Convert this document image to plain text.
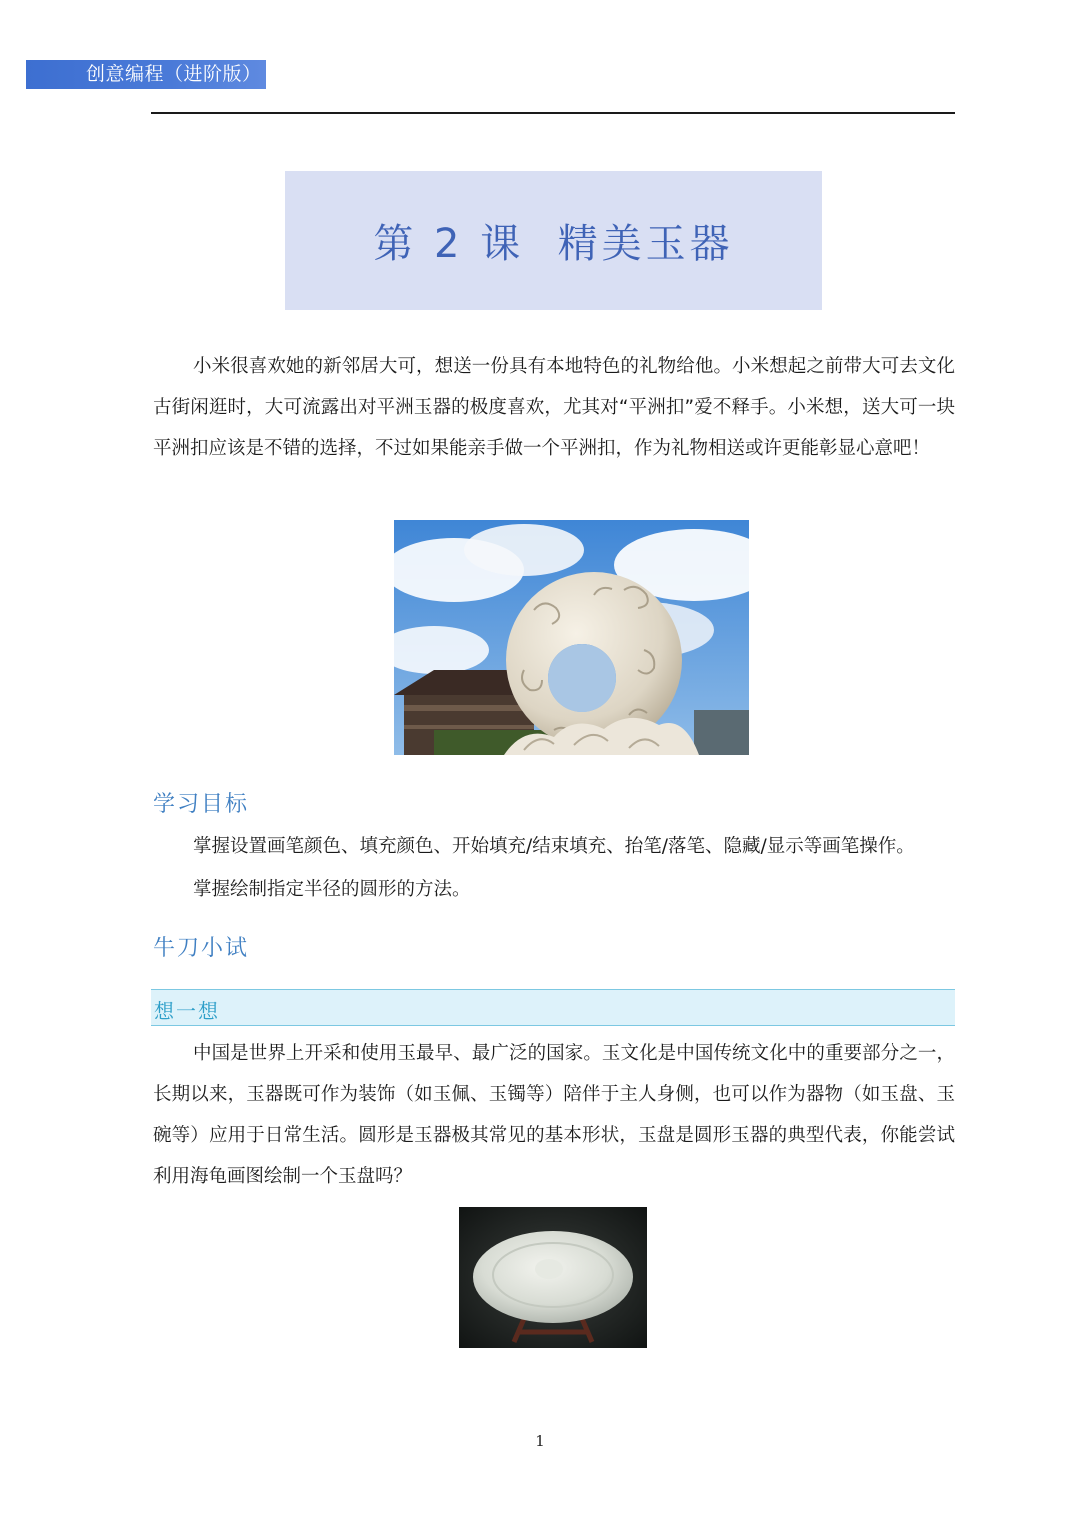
创意编程（进阶版）
第 2 课  精美玉器

小米很喜欢她的新邻居大可，想送一份具有本地特色的礼物给他。小米想起之前带大可去文化古街闲逛时，大可流露出对平洲玉器的极度喜欢，尤其对“平洲扣”爱不释手。小米想，送大可一块平洲扣应该是不错的选择，不过如果能亲手做一个平洲扣，作为礼物相送或许更能彰显心意吧！

学习目标
掌握设置画笔颜色、填充颜色、开始填充/结束填充、抬笔/落笔、隐藏/显示等画笔操作。
掌握绘制指定半径的圆形的方法。
牛刀小试
想一想

中国是世界上开采和使用玉最早、最广泛的国家。玉文化是中国传统文化中的重要部分之一，长期以来，玉器既可作为装饰（如玉佩、玉镯等）陪伴于主人身侧，也可以作为器物（如玉盘、玉碗等）应用于日常生活。圆形是玉器极其常见的基本形状，玉盘是圆形玉器的典型代表，你能尝试利用海龟画图绘制一个玉盘吗？

1
